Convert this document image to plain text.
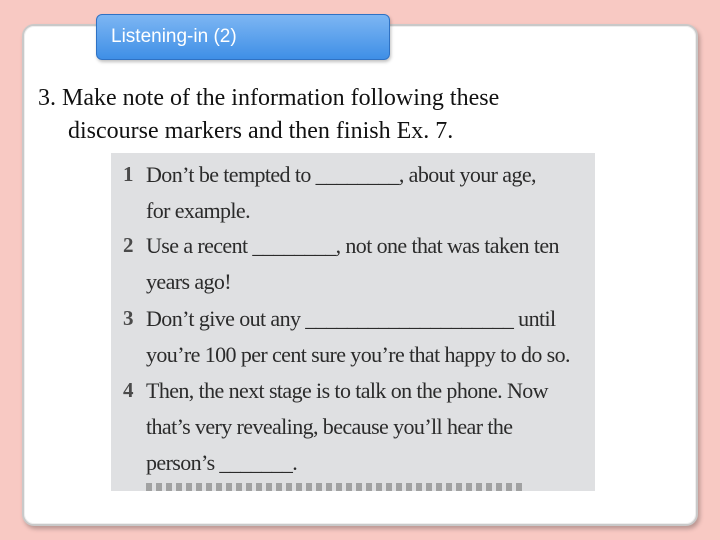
Listening-in (2)
3. Make note of the information following these
discourse markers and then finish Ex. 7.
1 Don’t be tempted to ________, about your age,
for example.
2 Use a recent ________, not one that was taken ten
years ago!
3 Don’t give out any ____________________ until
you’re 100 per cent sure you’re that happy to do so.
4 Then, the next stage is to talk on the phone. Now
that’s very revealing, because you’ll hear the
person’s _______.
